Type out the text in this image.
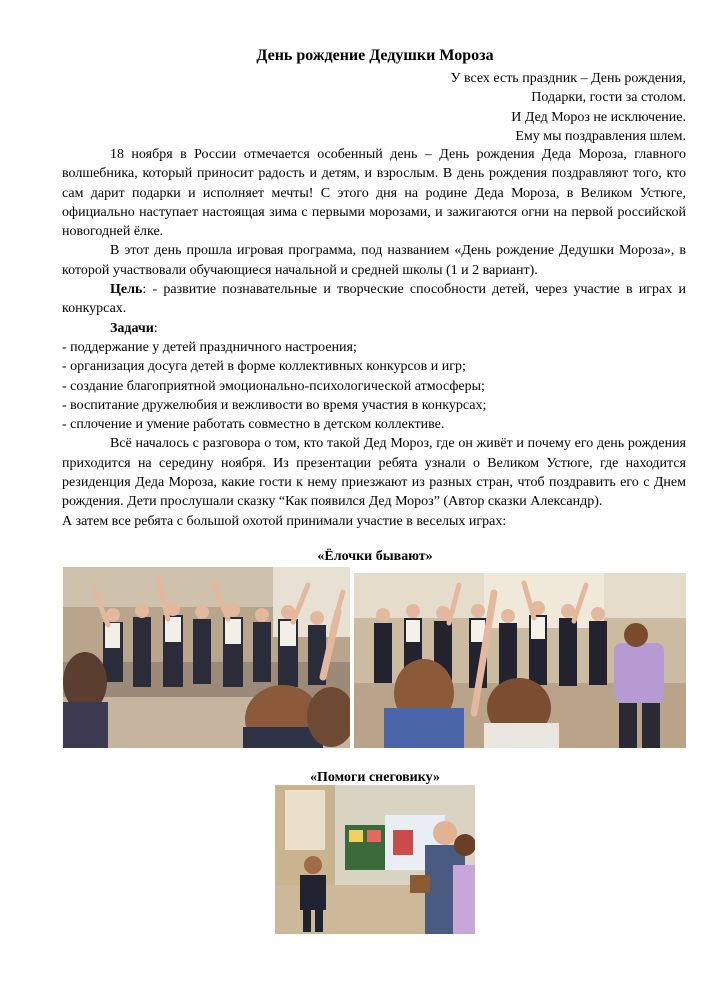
День рождение Дедушки Мороза
У всех есть праздник – День рождения,
Подарки, гости за столом.
И Дед Мороз не исключение.
Ему мы поздравления шлем.

18 ноября в России отмечается особенный день – День рождения Деда Мороза, главного волшебника, который приносит радость и детям, и взрослым. В день рождения поздравляют того, кто сам дарит подарки и исполняет мечты! С этого дня на родине Деда Мороза, в Великом Устюге, официально наступает настоящая зима с первыми морозами, и зажигаются огни на первой российской новогодней ёлке.

В этот день прошла игровая программа, под названием «День рождение Дедушки Мороза», в которой участвовали обучающиеся начальной и средней школы (1 и 2 вариант).

Цель: - развитие познавательные и творческие способности детей, через участие в играх и конкурсах.

Задачи:
- поддержание у детей праздничного настроения;
- организация досуга детей в форме коллективных конкурсов и игр;
- создание благоприятной эмоционально-психологической атмосферы;
- воспитание дружелюбия и вежливости во время участия в конкурсах;
- сплочение и умение работать совместно в детском коллективе.

Всё началось с разговора о том, кто такой Дед Мороз, где он живёт и почему его день рождения приходится на середину ноября. Из презентации ребята узнали о Великом Устюге, где находится резиденция Деда Мороза, какие гости к нему приезжают из разных стран, чтоб поздравить его с Днем рождения. Дети прослушали сказку “Как появился Дед Мороз” (Автор сказки Александр).

А затем все ребята с большой охотой принимали участие в веселых играх:

«Ёлочки бывают»
«Помоги снеговику»
